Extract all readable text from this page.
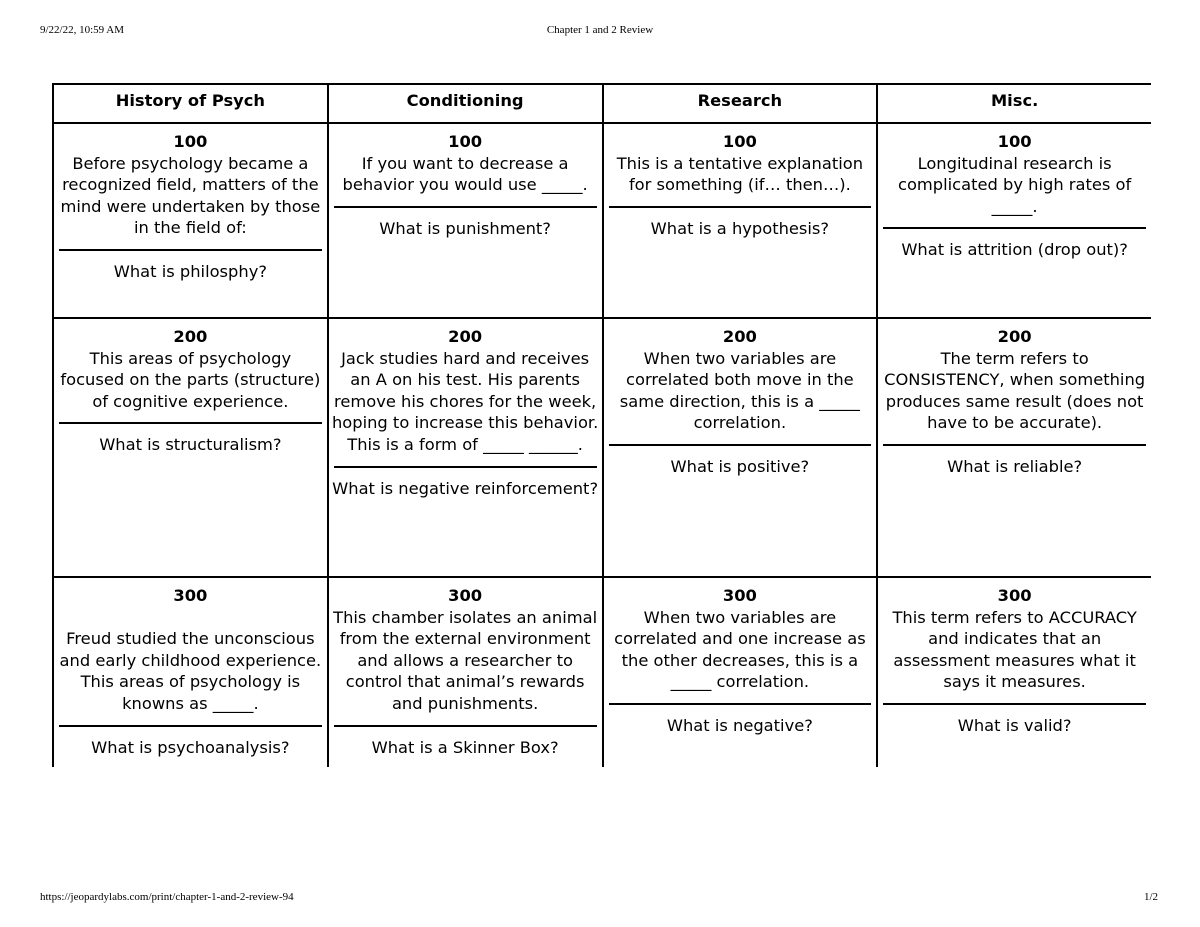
9/22/22, 10:59 AM	Chapter 1 and 2 Review
History of Psych	Conditioning	Research	Misc.

100
Before psychology became a recognized field, matters of the mind were undertaken by those in the field of:
What is philosphy?	100
If you want to decrease a behavior you would use _____.
What is punishment?	100
This is a tentative explanation for something (if… then…).
What is a hypothesis?	100
Longitudinal research is complicated by high rates of _____.
What is attrition (drop out)?

200
This areas of psychology focused on the parts (structure) of cognitive experience.
What is structuralism?	200
Jack studies hard and receives an A on his test. His parents remove his chores for the week, hoping to increase this behavior. This is a form of _____ ______.
What is negative reinforcement?	200
When two variables are correlated both move in the same direction, this is a _____ correlation.
What is positive?	200
The term refers to CONSISTENCY, when something produces same result (does not have to be accurate).
What is reliable?

300
Freud studied the unconscious and early childhood experience. This areas of psychology is knowns as _____.
What is psychoanalysis?	300
This chamber isolates an animal from the external environment and allows a researcher to control that animal’s rewards and punishments.
What is a Skinner Box?	300
When two variables are correlated and one increase as the other decreases, this is a _____ correlation.
What is negative?	300
This term refers to ACCURACY and indicates that an assessment measures what it says it measures.
What is valid?
https://jeopardylabs.com/print/chapter-1-and-2-review-94	1/2
